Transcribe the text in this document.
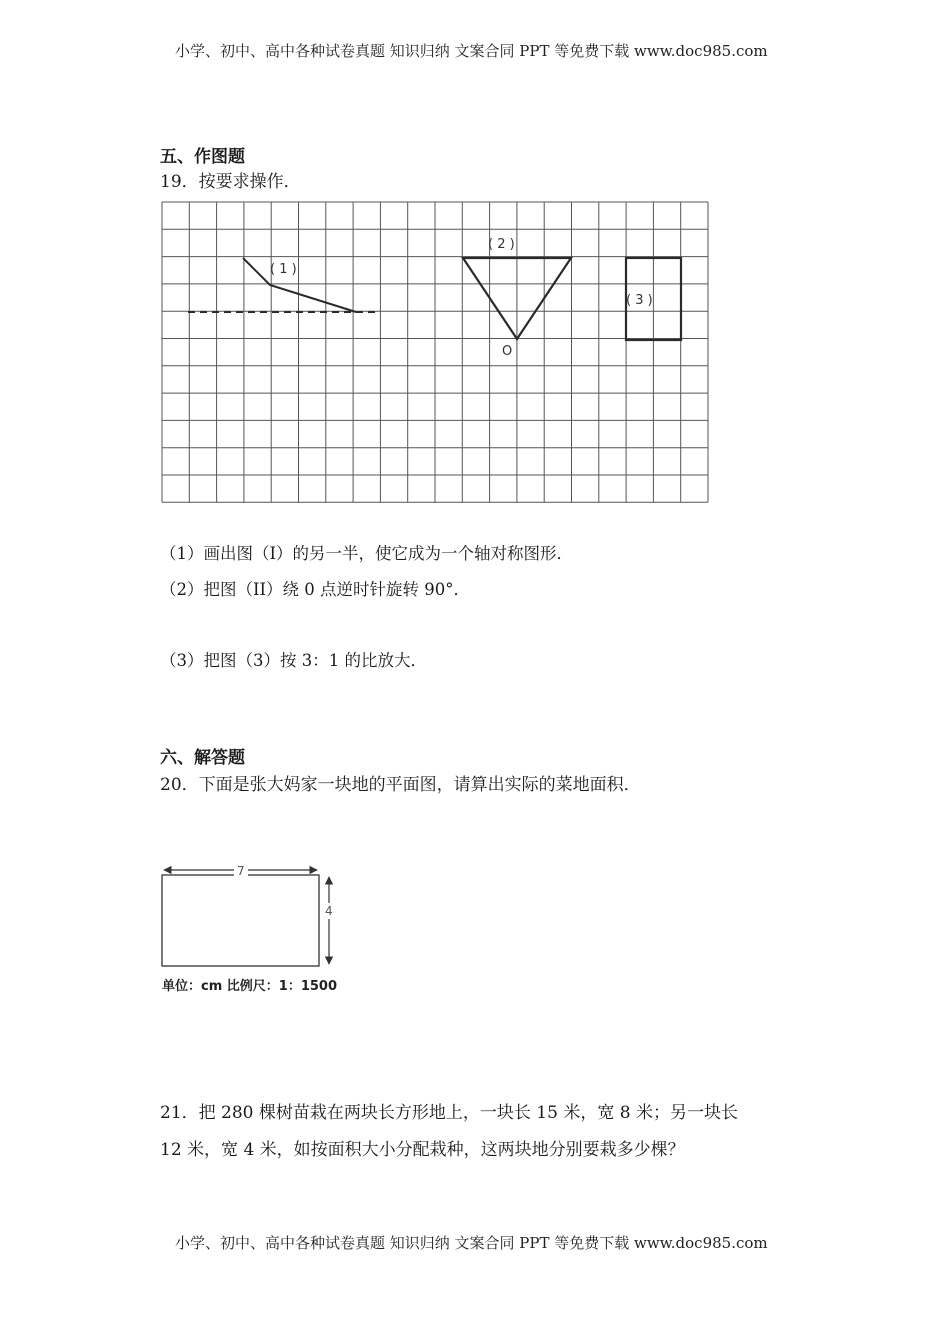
小学、初中、高中各种试卷真题 知识归纳 文案合同 PPT 等免费下载 www.doc985.com
五、作图题
19．按要求操作．
( 1 )
( 2 )
O
( 3 )
（1）画出图（I）的另一半，使它成为一个轴对称图形．
（2）把图（II）绕 0 点逆时针旋转 90°．
（3）把图（3）按 3：1 的比放大．
六、解答题
20．下面是张大妈家一块地的平面图，请算出实际的菜地面积．
7
4
单位：cm 比例尺：1：1500
21．把 280 棵树苗栽在两块长方形地上，一块长 15 米，宽 8 米；另一块长
12 米，宽 4 米，如按面积大小分配栽种，这两块地分别要栽多少棵？
小学、初中、高中各种试卷真题 知识归纳 文案合同 PPT 等免费下载 www.doc985.com
